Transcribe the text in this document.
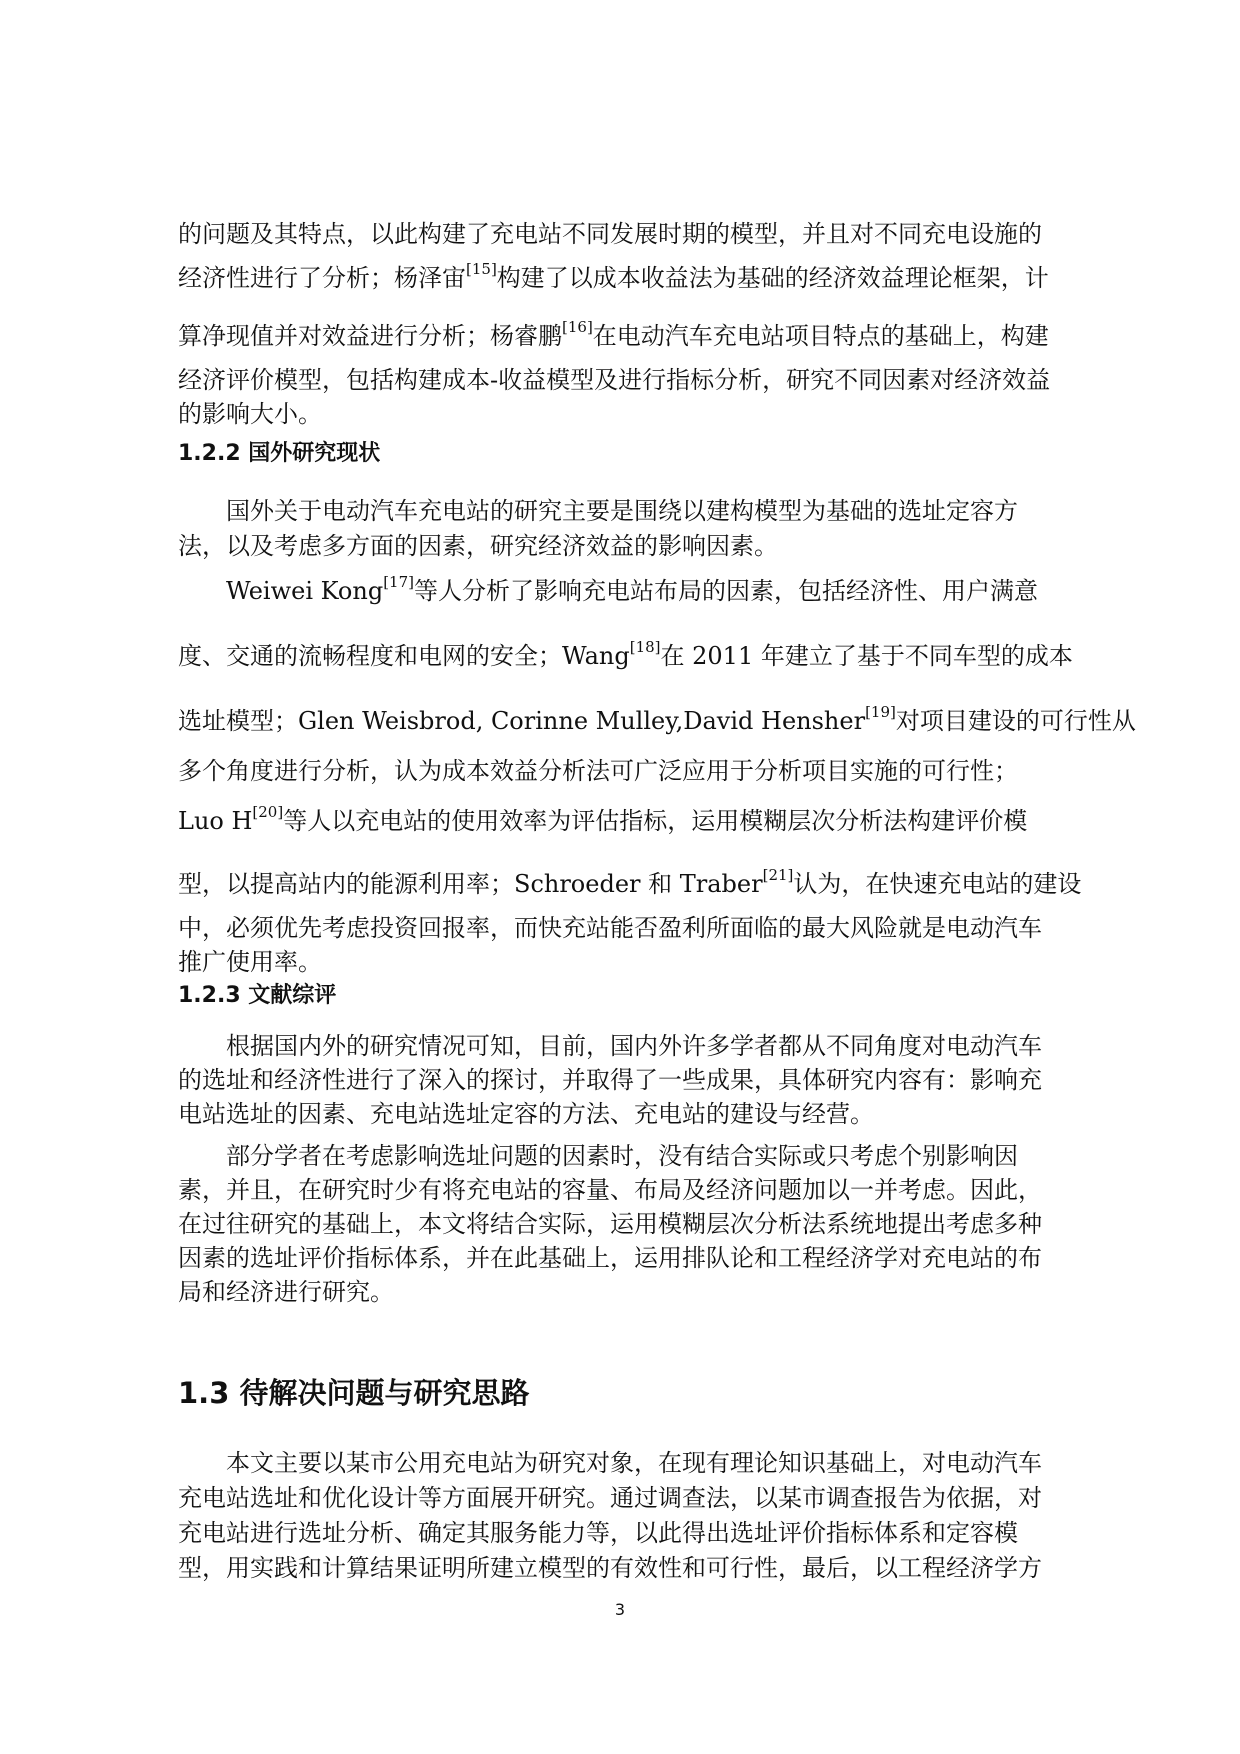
的问题及其特点，以此构建了充电站不同发展时期的模型，并且对不同充电设施的
经济性进行了分析；杨泽宙[15]构建了以成本收益法为基础的经济效益理论框架，计
算净现值并对效益进行分析；杨睿鹏[16]在电动汽车充电站项目特点的基础上，构建
经济评价模型，包括构建成本-收益模型及进行指标分析，研究不同因素对经济效益
的影响大小。
1.2.2 国外研究现状
国外关于电动汽车充电站的研究主要是围绕以建构模型为基础的选址定容方
法，以及考虑多方面的因素，研究经济效益的影响因素。
Weiwei Kong[17]等人分析了影响充电站布局的因素，包括经济性、用户满意
度、交通的流畅程度和电网的安全；Wang[18]在 2011 年建立了基于不同车型的成本
选址模型；Glen Weisbrod, Corinne Mulley,David Hensher[19]对项目建设的可行性从
多个角度进行分析，认为成本效益分析法可广泛应用于分析项目实施的可行性；
Luo H[20]等人以充电站的使用效率为评估指标，运用模糊层次分析法构建评价模
型，以提高站内的能源利用率；Schroeder 和 Traber[21]认为，在快速充电站的建设
中，必须优先考虑投资回报率，而快充站能否盈利所面临的最大风险就是电动汽车
推广使用率。
1.2.3 文献综评
根据国内外的研究情况可知，目前，国内外许多学者都从不同角度对电动汽车
的选址和经济性进行了深入的探讨，并取得了一些成果，具体研究内容有：影响充
电站选址的因素、充电站选址定容的方法、充电站的建设与经营。
部分学者在考虑影响选址问题的因素时，没有结合实际或只考虑个别影响因
素，并且，在研究时少有将充电站的容量、布局及经济问题加以一并考虑。因此，
在过往研究的基础上，本文将结合实际，运用模糊层次分析法系统地提出考虑多种
因素的选址评价指标体系，并在此基础上，运用排队论和工程经济学对充电站的布
局和经济进行研究。
1.3 待解决问题与研究思路
本文主要以某市公用充电站为研究对象，在现有理论知识基础上，对电动汽车
充电站选址和优化设计等方面展开研究。通过调查法，以某市调查报告为依据，对
充电站进行选址分析、确定其服务能力等，以此得出选址评价指标体系和定容模
型，用实践和计算结果证明所建立模型的有效性和可行性，最后，以工程经济学方
3
